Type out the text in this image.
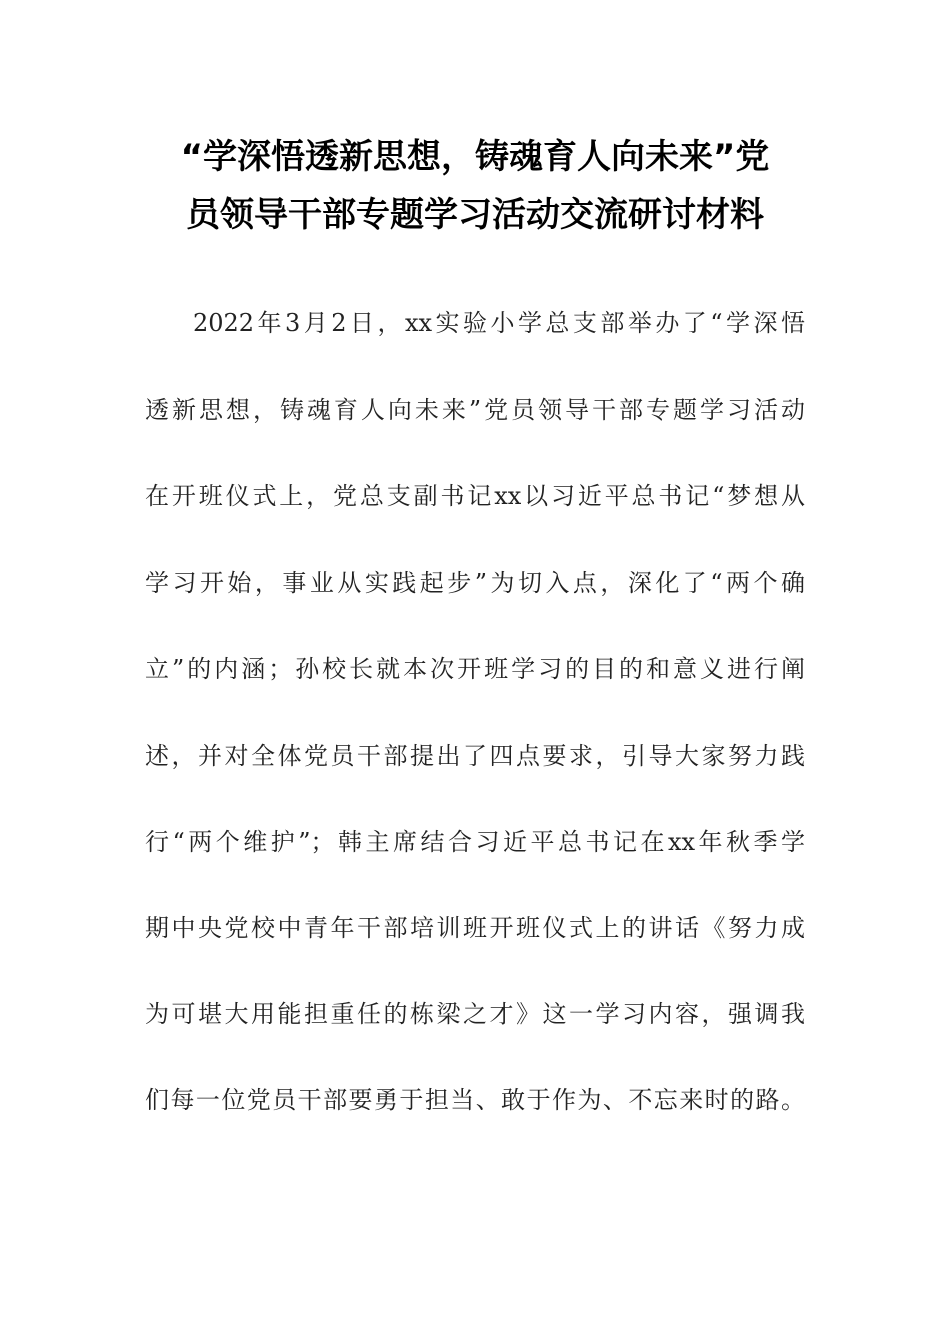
“学深悟透新思想，铸魂育人向未来”党
员领导干部专题学习活动交流研讨材料
2022年3月2日，xx实验小学总支部举办了“学深悟
透新思想，铸魂育人向未来”党员领导干部专题学习活动
在开班仪式上，党总支副书记xx以习近平总书记“梦想从
学习开始，事业从实践起步”为切入点，深化了“两个确
立”的内涵；孙校长就本次开班学习的目的和意义进行阐
述，并对全体党员干部提出了四点要求，引导大家努力践
行“两个维护”；韩主席结合习近平总书记在xx年秋季学
期中央党校中青年干部培训班开班仪式上的讲话《努力成
为可堪大用能担重任的栋梁之才》这一学习内容，强调我
们每一位党员干部要勇于担当、敢于作为、不忘来时的路。
